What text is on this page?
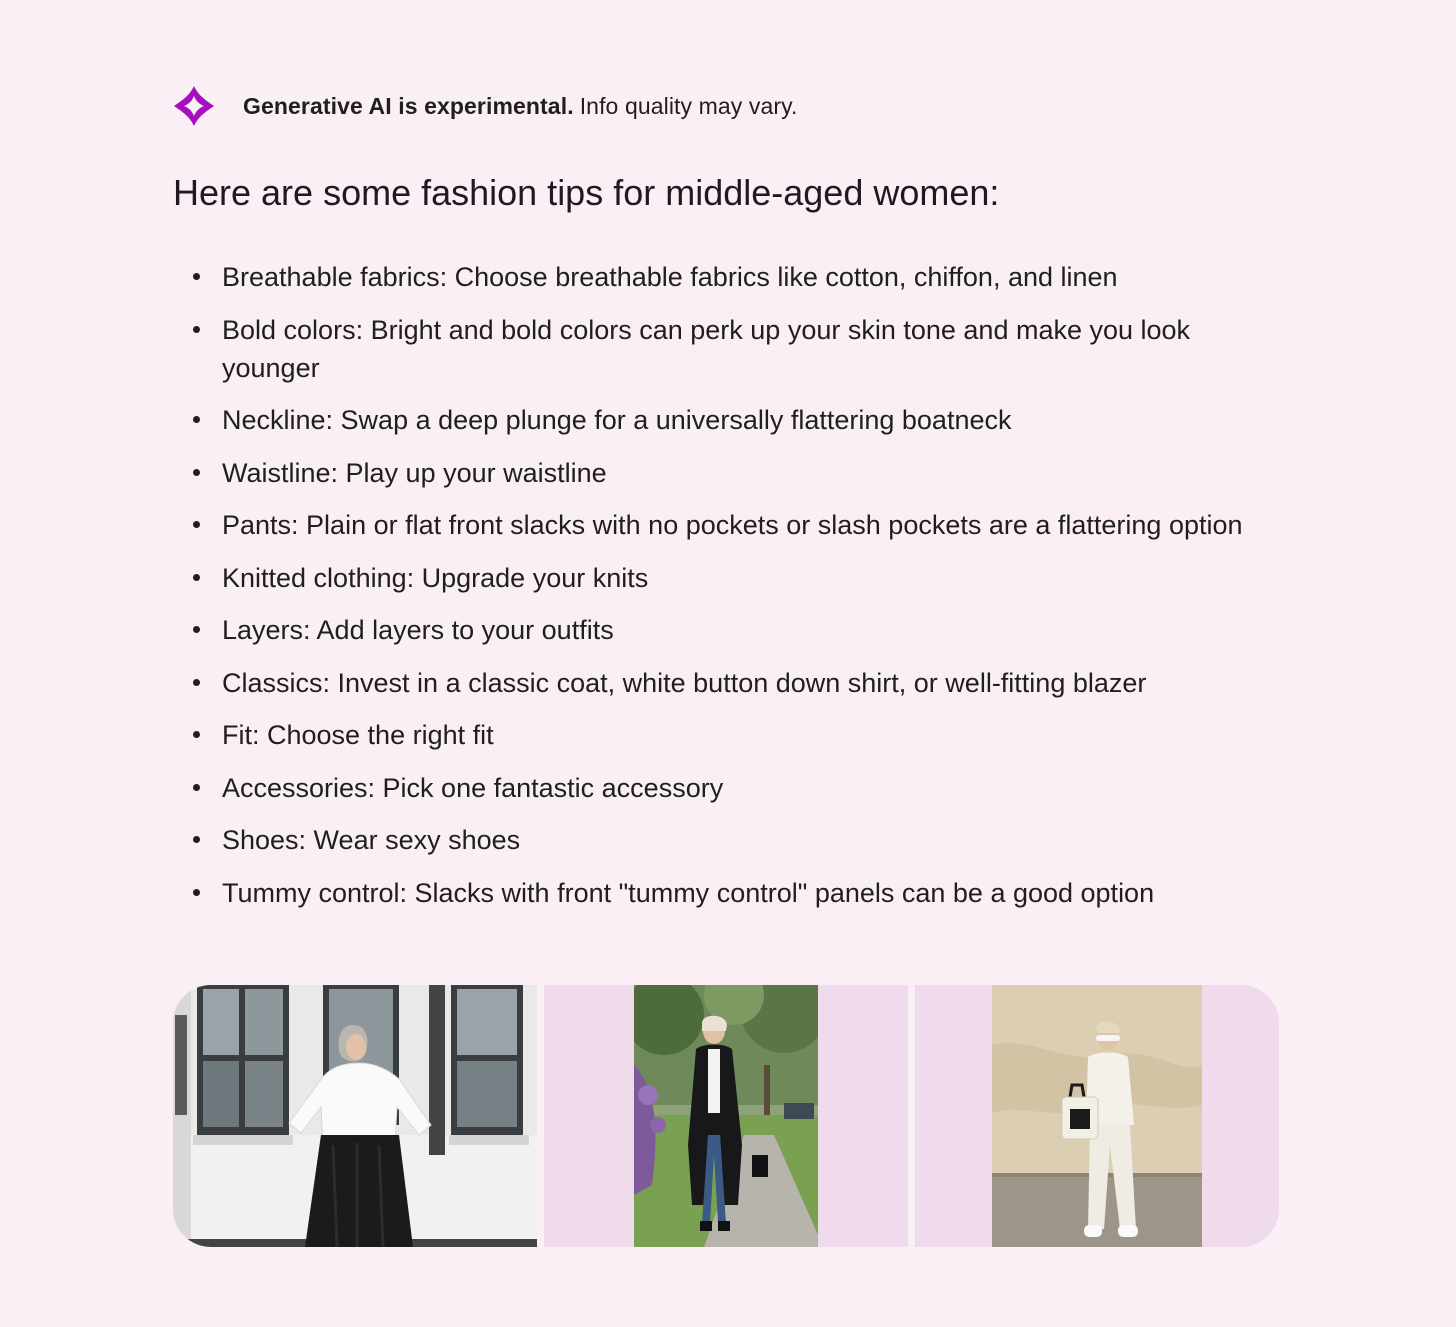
Generative AI is experimental. Info quality may vary.
Here are some fashion tips for middle-aged women:
Breathable fabrics: Choose breathable fabrics like cotton, chiffon, and linen
Bold colors: Bright and bold colors can perk up your skin tone and make you look younger
Neckline: Swap a deep plunge for a universally flattering boatneck
Waistline: Play up your waistline
Pants: Plain or flat front slacks with no pockets or slash pockets are a flattering option
Knitted clothing: Upgrade your knits
Layers: Add layers to your outfits
Classics: Invest in a classic coat, white button down shirt, or well-fitting blazer
Fit: Choose the right fit
Accessories: Pick one fantastic accessory
Shoes: Wear sexy shoes
Tummy control: Slacks with front "tummy control" panels can be a good option
